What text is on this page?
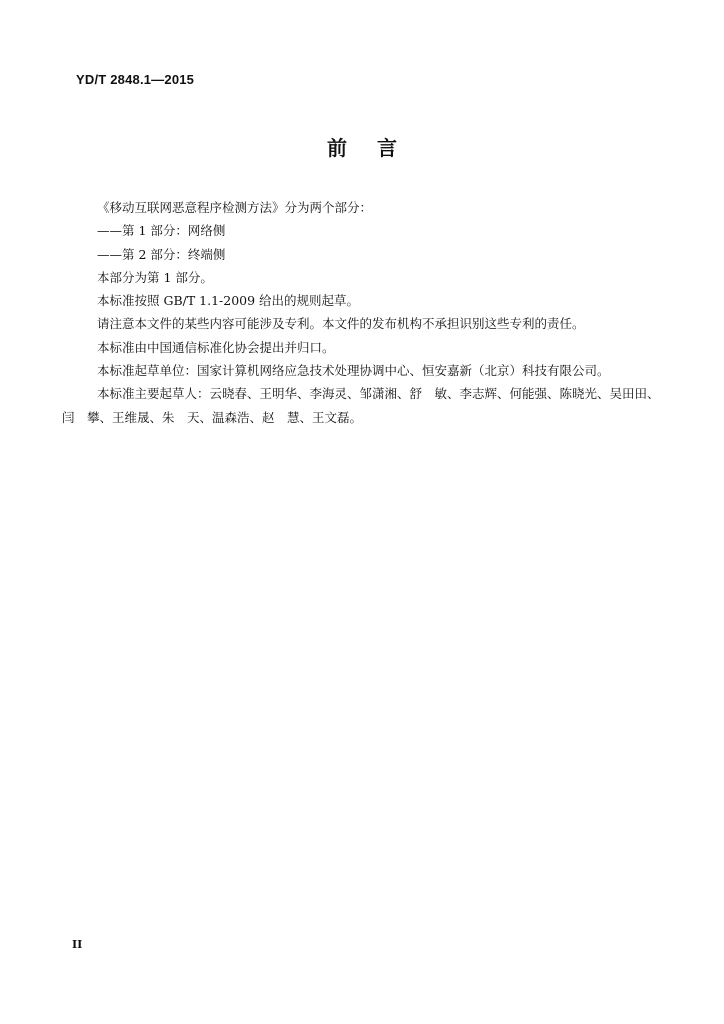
YD/T 2848.1—2015
前言
《移动互联网恶意程序检测方法》分为两个部分：
——第 1 部分：网络侧
——第 2 部分：终端侧
本部分为第 1 部分。
本标准按照 GB/T 1.1-2009 给出的规则起草。
请注意本文件的某些内容可能涉及专利。本文件的发布机构不承担识别这些专利的责任。
本标准由中国通信标准化协会提出并归口。
本标准起草单位：国家计算机网络应急技术处理协调中心、恒安嘉新（北京）科技有限公司。
本标准主要起草人：云晓春、王明华、李海灵、邹潇湘、舒　敏、李志辉、何能强、陈晓光、吴田田、
闫　攀、王维晟、朱　天、温森浩、赵　慧、王文磊。
II
